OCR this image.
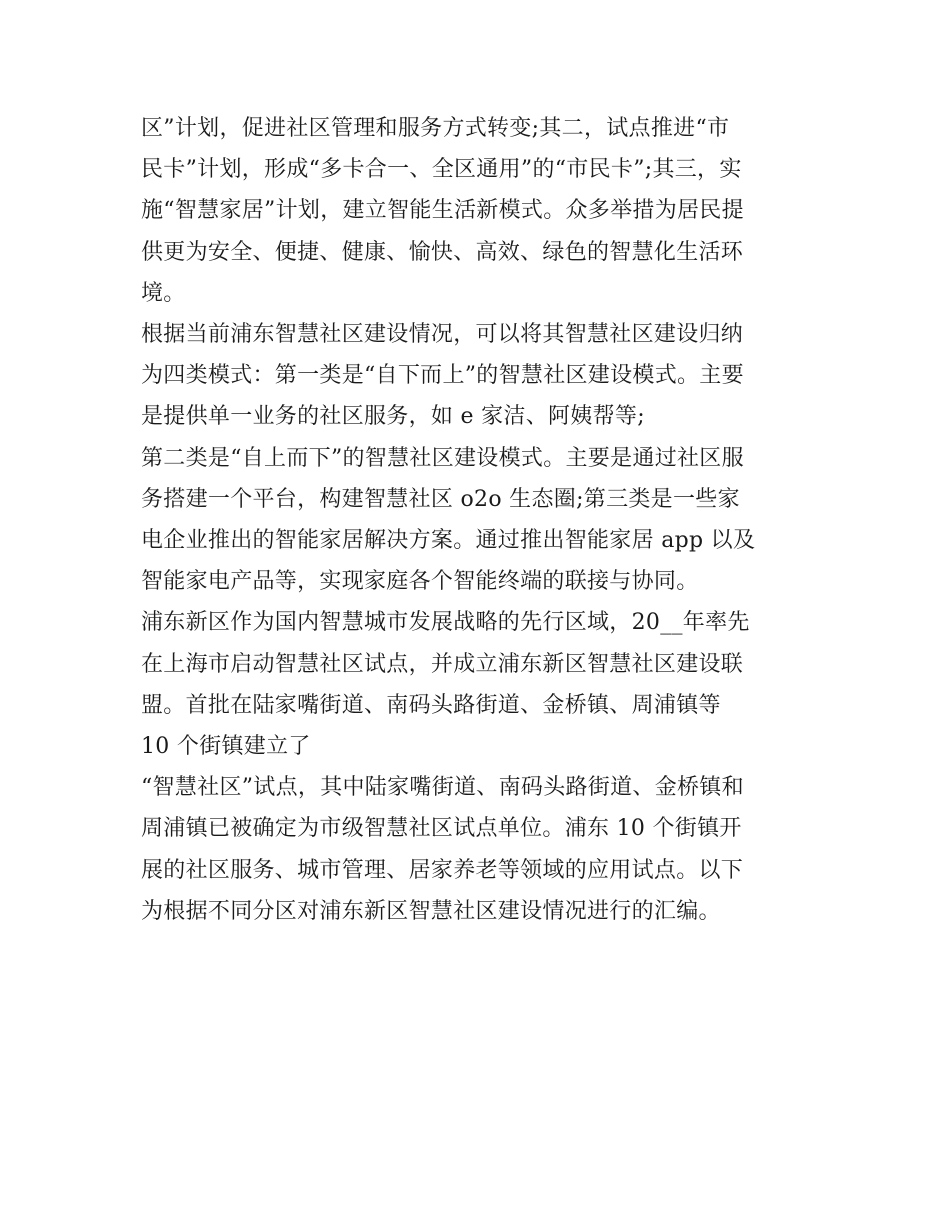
区”计划，促进社区管理和服务方式转变;其二，试点推进“市
民卡”计划，形成“多卡合一、全区通用”的“市民卡”;其三，实
施“智慧家居”计划，建立智能生活新模式。众多举措为居民提
供更为安全、便捷、健康、愉快、高效、绿色的智慧化生活环
境。
根据当前浦东智慧社区建设情况，可以将其智慧社区建设归纳
为四类模式：第一类是“自下而上”的智慧社区建设模式。主要
是提供单一业务的社区服务，如 e 家洁、阿姨帮等;
第二类是“自上而下”的智慧社区建设模式。主要是通过社区服
务搭建一个平台，构建智慧社区 o2o 生态圈;第三类是一些家
电企业推出的智能家居解决方案。通过推出智能家居 app 以及
智能家电产品等，实现家庭各个智能终端的联接与协同。
浦东新区作为国内智慧城市发展战略的先行区域，20__年率先
在上海市启动智慧社区试点，并成立浦东新区智慧社区建设联
盟。首批在陆家嘴街道、南码头路街道、金桥镇、周浦镇等
10 个街镇建立了
“智慧社区”试点，其中陆家嘴街道、南码头路街道、金桥镇和
周浦镇已被确定为市级智慧社区试点单位。浦东 10 个街镇开
展的社区服务、城市管理、居家养老等领域的应用试点。以下
为根据不同分区对浦东新区智慧社区建设情况进行的汇编。
